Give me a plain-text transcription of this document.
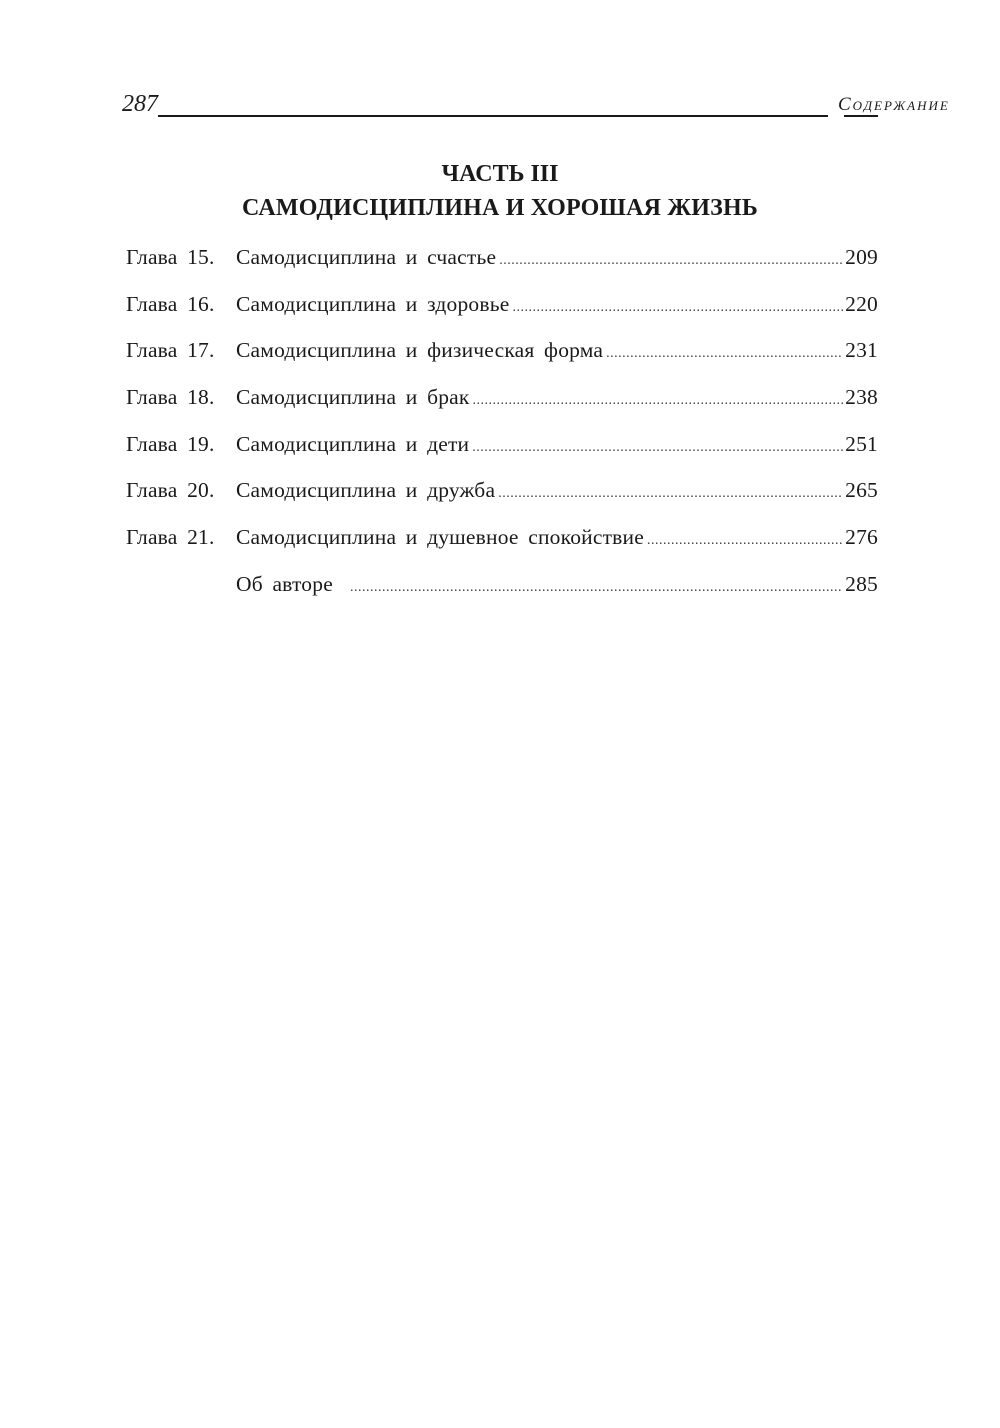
287	Содержание
ЧАСТЬ III
САМОДИСЦИПЛИНА И ХОРОШАЯ ЖИЗНЬ
Глава 15. Самодисциплина и счастье .....	209
Глава 16. Самодисциплина и здоровье .....	220
Глава 17. Самодисциплина и физическая форма .....	231
Глава 18. Самодисциплина и брак .....	238
Глава 19. Самодисциплина и дети .....	251
Глава 20. Самодисциплина и дружба .....	265
Глава 21. Самодисциплина и душевное спокойствие .....	276
Об авторе .....	285
